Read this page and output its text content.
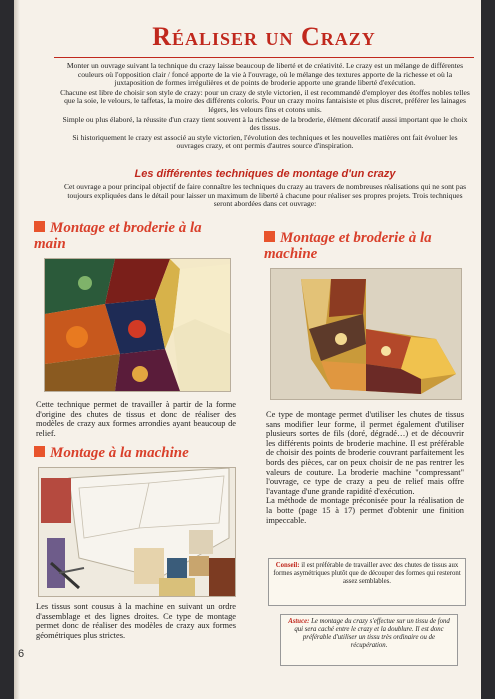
Réaliser un Crazy

Monter un ouvrage suivant la technique du crazy laisse beaucoup de liberté et de créativité. Le crazy est un mélange de différentes couleurs où l'opposition clair / foncé apporte de la vie à l'ouvrage, où le mélange des textures apporte de la richesse et où la juxtaposition de formes irrégulières et de points de broderie apporte une grande liberté d'exécution.

Chacune est libre de choisir son style de crazy: pour un crazy de style victorien, il est recommandé d'employer des étoffes nobles telles que la soie, le velours, le taffetas, la moire des différents coloris. Pour un crazy moins fantaisiste et plus discret, préférer les lainages légers, les velours fins et cotons unis.

Simple ou plus élaboré, la réussite d'un crazy tient souvent à la richesse de la broderie, élément décoratif aussi important que le choix des tissus.

Si historiquement le crazy est associé au style victorien, l'évolution des techniques et les nouvelles matières ont fait évoluer les ouvrages crazy, et ont permis d'autres source d'inspiration.

Les différentes techniques de montage d'un crazy
Cet ouvrage a pour principal objectif de faire connaître les techniques du crazy au travers de nombreuses réalisations qui ne sont pas toujours expliquées dans le détail pour laisser un maximum de liberté à chacune pour réaliser ses propres projets. Trois techniques seront abordées dans cet ouvrage:
Montage et broderie à la main
Cette technique permet de travailler à partir de la forme d'origine des chutes de tissus et donc de réaliser des modèles de crazy aux formes arrondies ayant beaucoup de relief.
Montage et broderie à la machine
Ce type de montage permet d'utiliser les chutes de tissus sans modifier leur forme, il permet également d'utiliser plusieurs sortes de fils (doré, dégradé…) et de découvrir les différents points de broderie machine. Il est préférable de choisir des points de broderie couvrant parfaitement les bords des pièces, car on peux choisir de ne pas rentrer les valeurs de couture. La broderie machine "compressant" l'ouvrage, ce type de crazy a peu de relief mais offre l'avantage d'une grande rapidité d'exécution.
La méthode de montage préconisée pour la réalisation de la botte (page 15 à 17) permet d'obtenir une finition impeccable.
Montage à la machine
Les tissus sont cousus à la machine en suivant un ordre d'assemblage et des lignes droites. Ce type de montage permet donc de réaliser des modèles de crazy aux formes géométriques plus strictes.
Conseil: il est préférable de travailler avec des chutes de tissus aux formes asymétriques plutôt que de découper des formes qui resteront assez semblables.
Astuce: Le montage du crazy s'effectue sur un tissu de fond qui sera caché entre le crazy et la doublure. Il est donc préférable d'utiliser un tissu très ordinaire ou de récupération.
6
